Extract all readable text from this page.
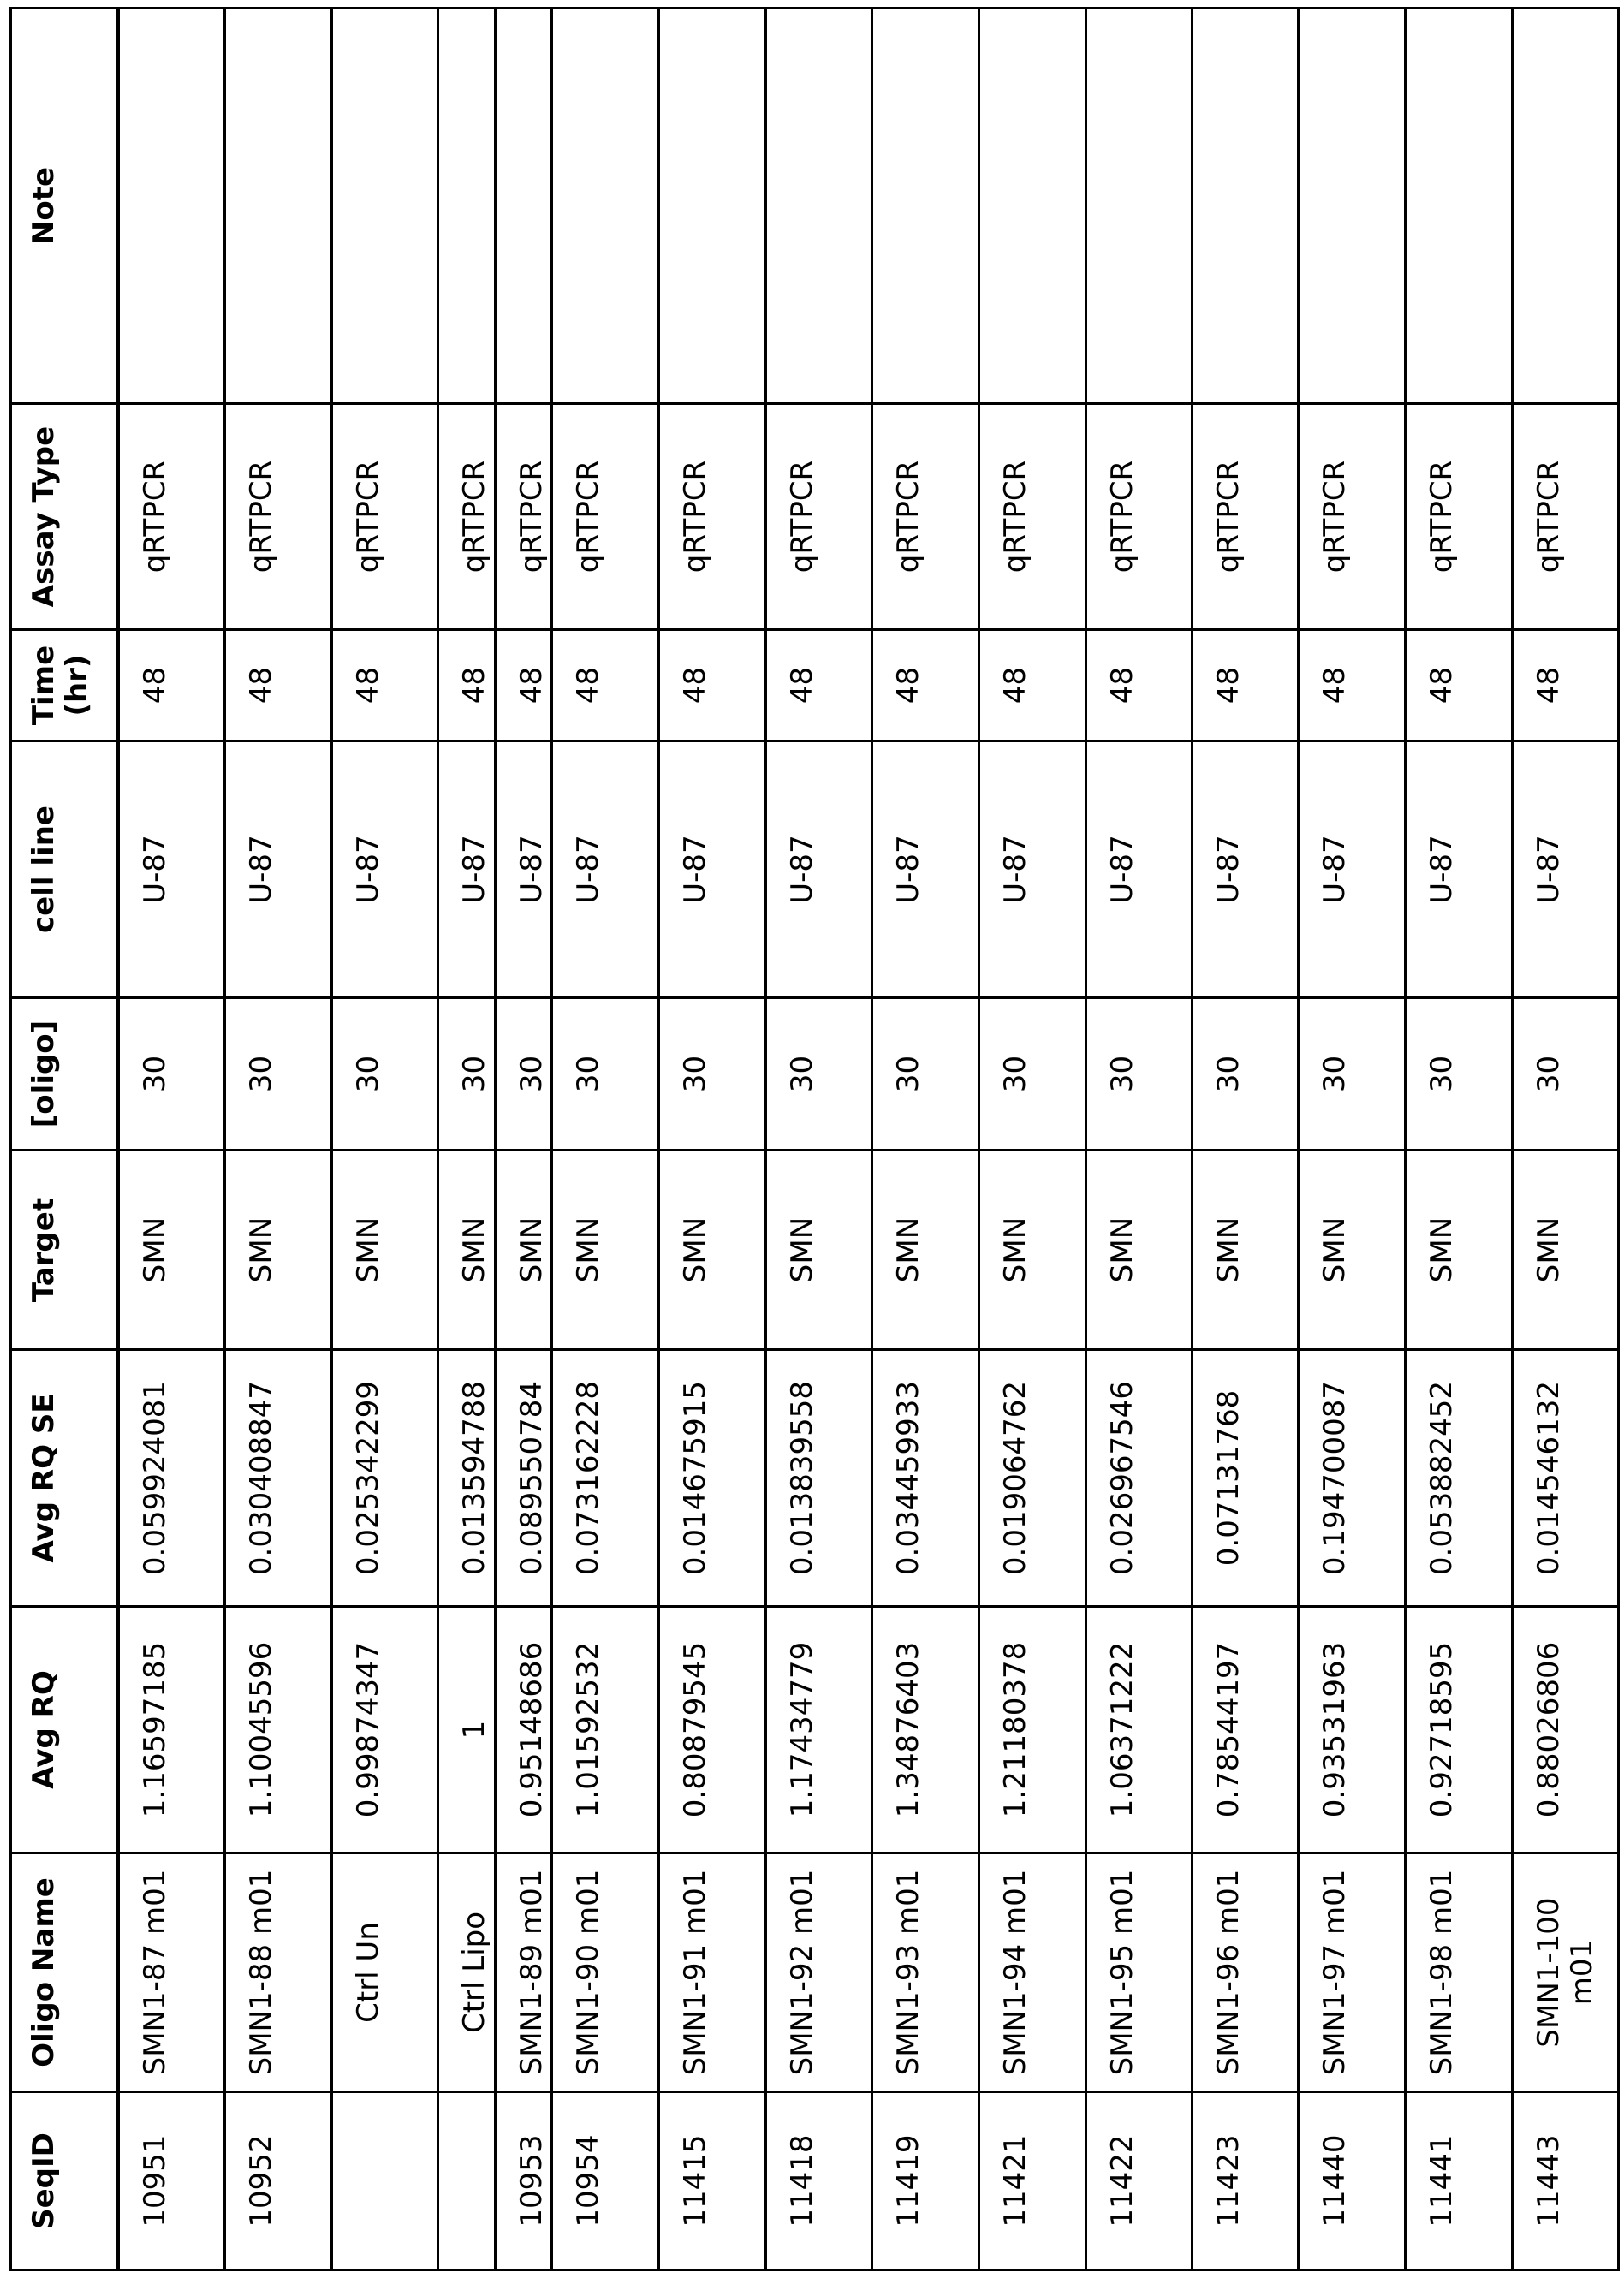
SeqID	Oligo Name	Avg RQ	Avg RQ SE	Target	[oligo]	cell line	Time (hr)	Assay Type	Note
10951	SMN1-87 m01	1.16597185	0.059924081	SMN	30	U-87	48	qRTPCR	
10952	SMN1-88 m01	1.10045596	0.030408847	SMN	30	U-87	48	qRTPCR	
	Ctrl Un	0.99874347	0.025342299	SMN	30	U-87	48	qRTPCR	
	Ctrl Lipo	1	0.013594788	SMN	30	U-87	48	qRTPCR	
10953	SMN1-89 m01	0.95148686	0.089550784	SMN	30	U-87	48	qRTPCR	
10954	SMN1-90 m01	1.01592532	0.073162228	SMN	30	U-87	48	qRTPCR	
11415	SMN1-91 m01	0.80879545	0.014675915	SMN	30	U-87	48	qRTPCR	
11418	SMN1-92 m01	1.17434779	0.013839558	SMN	30	U-87	48	qRTPCR	
11419	SMN1-93 m01	1.34876403	0.034459933	SMN	30	U-87	48	qRTPCR	
11421	SMN1-94 m01	1.21180378	0.019064762	SMN	30	U-87	48	qRTPCR	
11422	SMN1-95 m01	1.06371222	0.026967546	SMN	30	U-87	48	qRTPCR	
11423	SMN1-96 m01	0.78544197	0.07131768	SMN	30	U-87	48	qRTPCR	
11440	SMN1-97 m01	0.93531963	0.194700087	SMN	30	U-87	48	qRTPCR	
11441	SMN1-98 m01	0.92718595	0.053882452	SMN	30	U-87	48	qRTPCR	
11443	SMN1-100 m01	0.88026806	0.014546132	SMN	30	U-87	48	qRTPCR	
